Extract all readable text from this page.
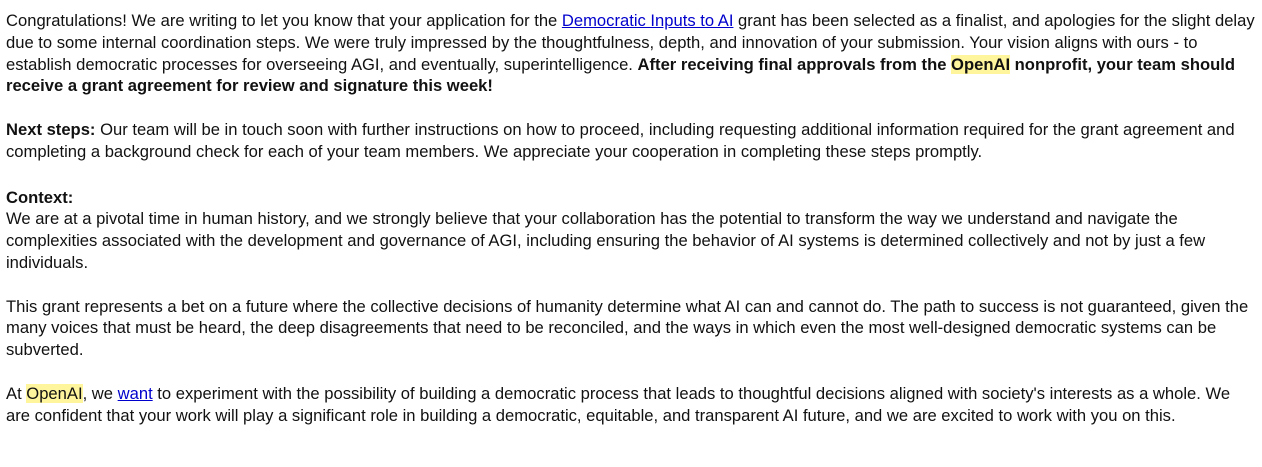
Congratulations! We are writing to let you know that your application for the Democratic Inputs to AI grant has been selected as a finalist, and apologies for the slight delay due to some internal coordination steps. We were truly impressed by the thoughtfulness, depth, and innovation of your submission. Your vision aligns with ours - to establish democratic processes for overseeing AGI, and eventually, superintelligence. After receiving final approvals from the OpenAI nonprofit, your team should receive a grant agreement for review and signature this week!

Next steps: Our team will be in touch soon with further instructions on how to proceed, including requesting additional information required for the grant agreement and completing a background check for each of your team members. We appreciate your cooperation in completing these steps promptly.

Context:

We are at a pivotal time in human history, and we strongly believe that your collaboration has the potential to transform the way we understand and navigate the complexities associated with the development and governance of AGI, including ensuring the behavior of AI systems is determined collectively and not by just a few individuals.

This grant represents a bet on a future where the collective decisions of humanity determine what AI can and cannot do. The path to success is not guaranteed, given the many voices that must be heard, the deep disagreements that need to be reconciled, and the ways in which even the most well-designed democratic systems can be subverted.

At OpenAI, we want to experiment with the possibility of building a democratic process that leads to thoughtful decisions aligned with society's interests as a whole. We are confident that your work will play a significant role in building a democratic, equitable, and transparent AI future, and we are excited to work with you on this.
